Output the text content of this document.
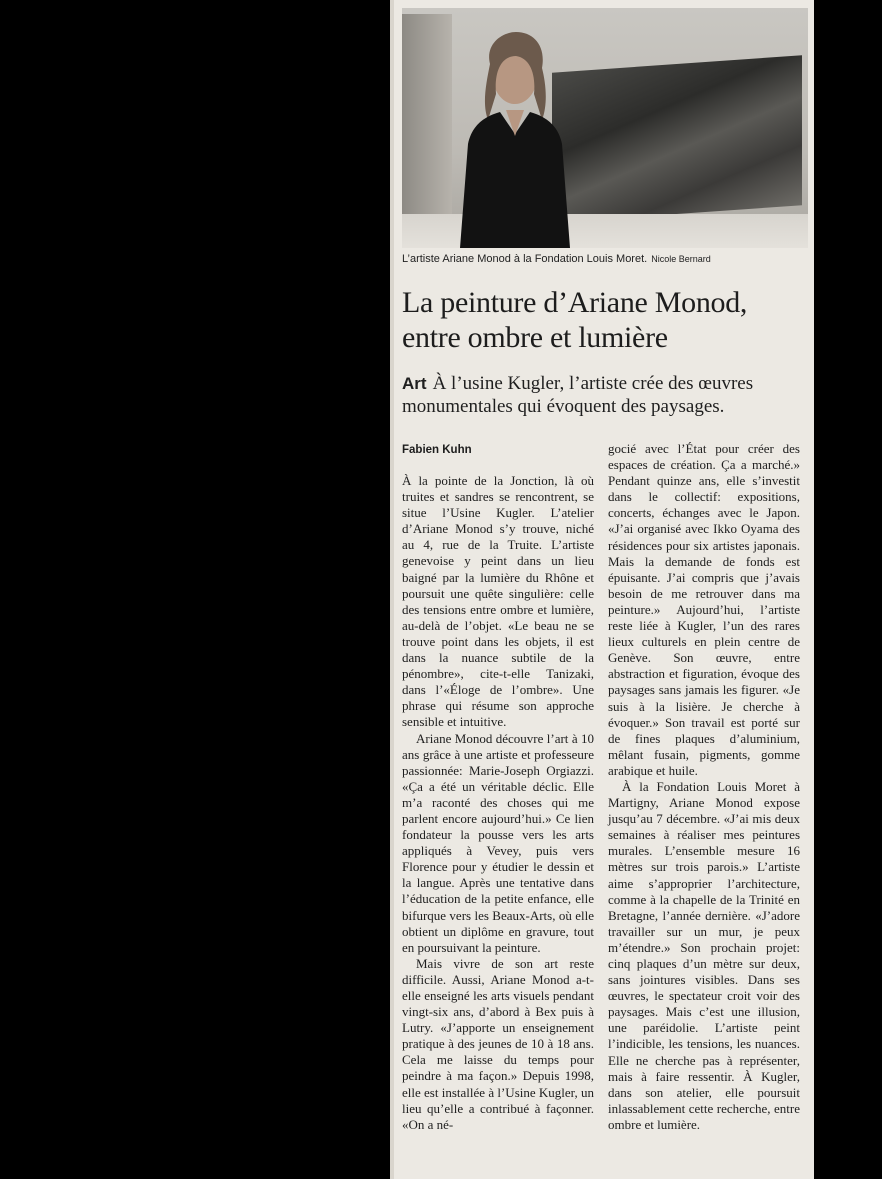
L’artiste Ariane Monod à la Fondation Louis Moret. Nicole Bernard
La peinture d’Ariane Monod,
entre ombre et lumière
Art À l’usine Kugler, l’artiste crée des œuvres monumentales qui évoquent des paysages.
Fabien Kuhn

À la pointe de la Jonction, là où truites et sandres se rencontrent, se situe l’Usine Kugler. L’atelier d’Ariane Monod s’y trouve, niché au 4, rue de la Truite. L’artiste genevoise y peint dans un lieu baigné par la lumière du Rhône et poursuit une quête singulière: celle des tensions entre ombre et lumière, au-delà de l’objet. «Le beau ne se trouve point dans les objets, il est dans la nuance subtile de la pénombre», cite-t-elle Tanizaki, dans l’«Éloge de l’ombre». Une phrase qui résume son approche sensible et intuitive.

Ariane Monod découvre l’art à 10 ans grâce à une artiste et professeure passionnée: Marie-Joseph Orgiazzi. «Ça a été un véritable déclic. Elle m’a raconté des choses qui me parlent encore aujourd’hui.» Ce lien fondateur la pousse vers les arts appliqués à Vevey, puis vers Florence pour y étudier le dessin et la langue. Après une tentative dans l’éducation de la petite enfance, elle bifurque vers les Beaux-Arts, où elle obtient un diplôme en gravure, tout en poursuivant la peinture.

Mais vivre de son art reste difficile. Aussi, Ariane Monod a-t-elle enseigné les arts visuels pendant vingt-six ans, d’abord à Bex puis à Lutry. «J’apporte un enseignement pratique à des jeunes de 10 à 18 ans. Cela me laisse du temps pour peindre à ma façon.» Depuis 1998, elle est installée à l’Usine Kugler, un lieu qu’elle a contribué à façonner. «On a né-

gocié avec l’État pour créer des espaces de création. Ça a marché.» Pendant quinze ans, elle s’investit dans le collectif: expositions, concerts, échanges avec le Japon. «J’ai organisé avec Ikko Oyama des résidences pour six artistes japonais. Mais la demande de fonds est épuisante. J’ai compris que j’avais besoin de me retrouver dans ma peinture.» Aujourd’hui, l’artiste reste liée à Kugler, l’un des rares lieux culturels en plein centre de Genève. Son œuvre, entre abstraction et figuration, évoque des paysages sans jamais les figurer. «Je suis à la lisière. Je cherche à évoquer.» Son travail est porté sur de fines plaques d’aluminium, mêlant fusain, pigments, gomme arabique et huile.

À la Fondation Louis Moret à Martigny, Ariane Monod expose jusqu’au 7 décembre. «J’ai mis deux semaines à réaliser mes peintures murales. L’ensemble mesure 16 mètres sur trois parois.» L’artiste aime s’approprier l’architecture, comme à la chapelle de la Trinité en Bretagne, l’année dernière. «J’adore travailler sur un mur, je peux m’étendre.» Son prochain projet: cinq plaques d’un mètre sur deux, sans jointures visibles. Dans ses œuvres, le spectateur croit voir des paysages. Mais c’est une illusion, une paréidolie. L’artiste peint l’indicible, les tensions, les nuances. Elle ne cherche pas à représenter, mais à faire ressentir. À Kugler, dans son atelier, elle poursuit inlassablement cette recherche, entre ombre et lumière.
